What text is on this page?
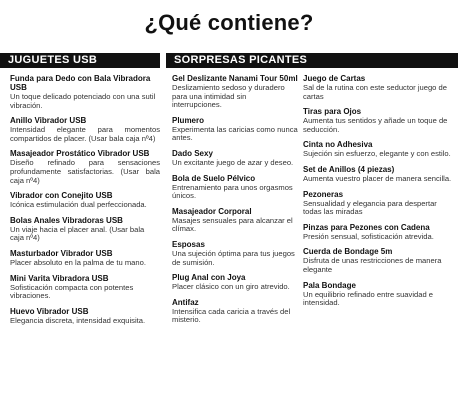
¿Qué contiene?
JUGUETES USB	SORPRESAS PICANTES
Funda para Dedo con Bala Vibradora USB
Un toque delicado potenciado con una sutil vibración.
Anillo Vibrador USB
Intensidad elegante para momentos compartidos de placer. (Usar bala caja nº4)
Masajeador Prostático Vibrador USB
Diseño refinado para sensaciones profundamente satisfactorias. (Usar bala caja nº4)
Vibrador con Conejito USB
Icónica estimulación dual perfeccionada.
Bolas Anales Vibradoras USB
Un viaje hacia el placer anal. (Usar bala caja nº4)
Masturbador Vibrador USB
Placer absoluto en la palma de tu mano.
Mini Varita Vibradora USB
Sofisticación compacta con potentes vibraciones.
Huevo Vibrador USB
Elegancia discreta, intensidad exquisita.
Gel Deslizante Nanami Tour 50ml
Deslizamiento sedoso y duradero para una intimidad sin interrupciones.
Plumero
Experimenta las caricias como nunca antes.
Dado Sexy
Un excitante juego de azar y deseo.
Bola de Suelo Pélvico
Entrenamiento para unos orgasmos únicos.
Masajeador Corporal
Masajes sensuales para alcanzar el clímax.
Esposas
Una sujeción óptima para tus juegos de sumisión.
Plug Anal con Joya
Placer clásico con un giro atrevido.
Antifaz
Intensifica cada caricia a través del misterio.
Juego de Cartas
Sal de la rutina con este seductor juego de cartas
Tiras para Ojos
Aumenta tus sentidos y añade un toque de seducción.
Cinta no Adhesiva
Sujeción sin esfuerzo, elegante y con estilo.
Set de Anillos (4 piezas)
Aumenta vuestro placer de manera sencilla.
Pezoneras
Sensualidad y elegancia para despertar todas las miradas
Pinzas para Pezones con Cadena
Presión sensual, sofisticación atrevida.
Cuerda de Bondage 5m
Disfruta de unas restricciones de manera elegante
Pala Bondage
Un equilibrio refinado entre suavidad e intensidad.
